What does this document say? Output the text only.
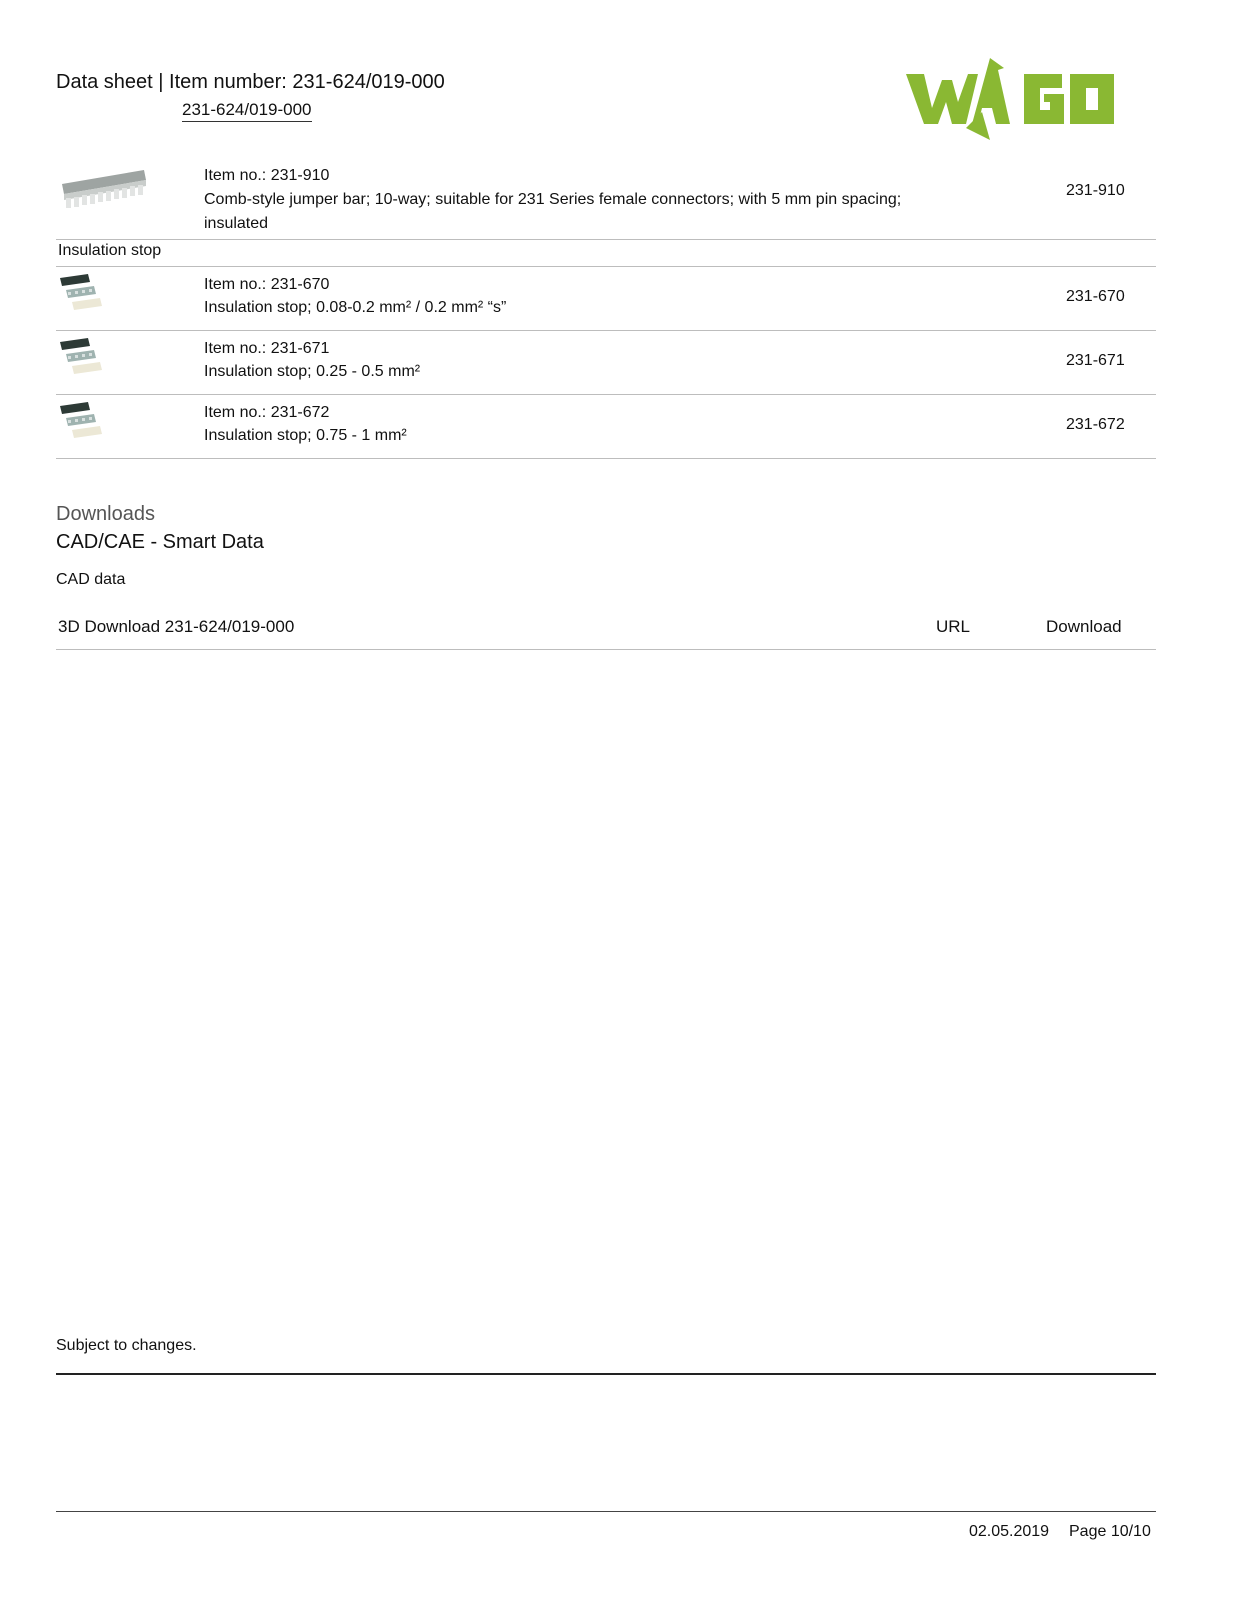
Data sheet | Item number: 231-624/019-000
231-624/019-000
Item no.: 231-910
Comb-style jumper bar; 10-way; suitable for 231 Series female connectors; with 5 mm pin spacing; insulated
231-910
Insulation stop
Item no.: 231-670
Insulation stop; 0.08-0.2 mm² / 0.2 mm² “s”
231-670
Item no.: 231-671
Insulation stop; 0.25 - 0.5 mm²
231-671
Item no.: 231-672
Insulation stop; 0.75 - 1 mm²
231-672
Downloads
CAD/CAE - Smart Data
CAD data
3D Download 231-624/019-000	URL	Download
Subject to changes.
02.05.2019 Page 10/10
